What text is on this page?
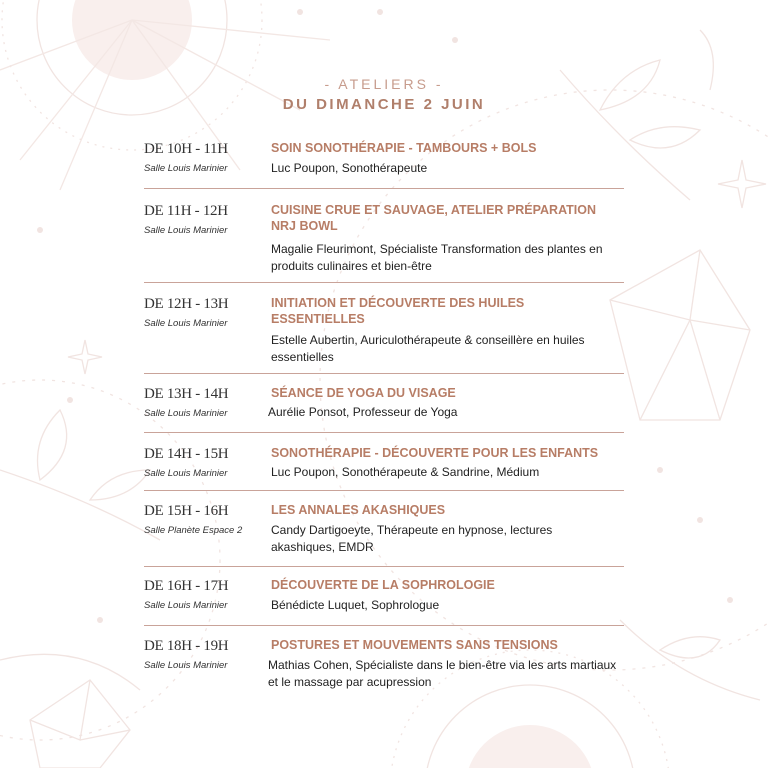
- ATELIERS -
DU DIMANCHE 2 JUIN
DE 10H - 11H
Salle Louis Marinier
SOIN SONOTHÉRAPIE - TAMBOURS + BOLS
Luc Poupon, Sonothérapeute
DE 11H - 12H
Salle Louis Marinier
CUISINE CRUE ET SAUVAGE, ATELIER PRÉPARATION NRJ BOWL
Magalie Fleurimont, Spécialiste Transformation des plantes en produits culinaires et bien-être
DE 12H - 13H
Salle Louis Marinier
INITIATION ET DÉCOUVERTE DES HUILES ESSENTIELLES
Estelle Aubertin, Auriculothérapeute & conseillère en huiles essentielles
DE 13H - 14H
Salle Louis Marinier
SÉANCE DE YOGA DU VISAGE
Aurélie Ponsot, Professeur de Yoga
DE 14H - 15H
Salle Louis Marinier
SONOTHÉRAPIE - DÉCOUVERTE POUR LES ENFANTS
Luc Poupon, Sonothérapeute & Sandrine, Médium
DE 15H - 16H
Salle Planète Espace 2
LES ANNALES AKASHIQUES
Candy Dartigoeyte, Thérapeute en hypnose, lectures akashiques, EMDR
DE 16H - 17H
Salle Louis Marinier
DÉCOUVERTE DE LA SOPHROLOGIE
Bénédicte Luquet, Sophrologue
DE 18H - 19H
Salle Louis Marinier
POSTURES ET MOUVEMENTS SANS TENSIONS
Mathias Cohen, Spécialiste dans le bien-être via les arts martiaux et le massage par acupression
